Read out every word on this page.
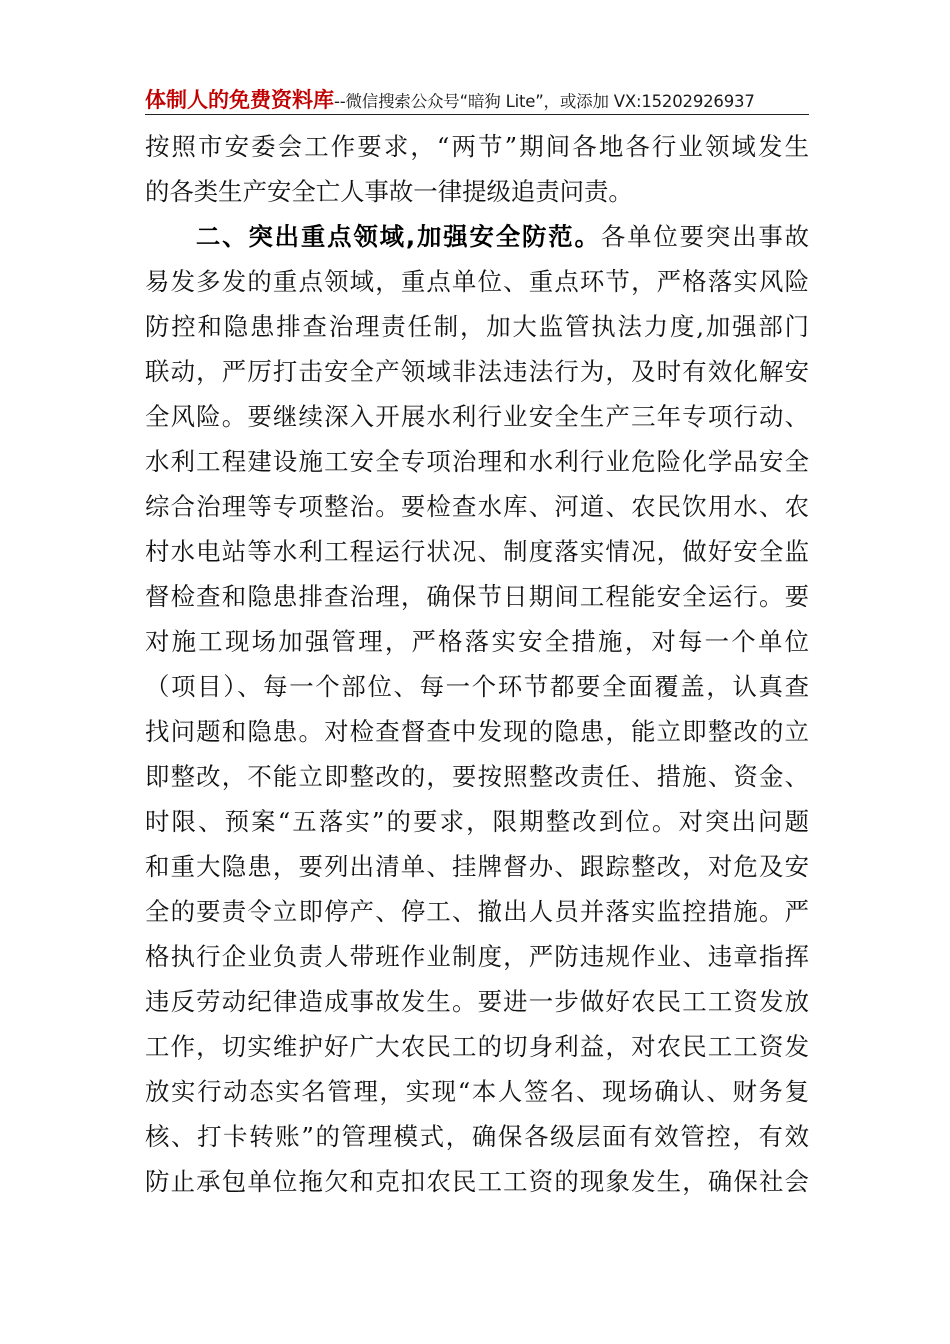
体制人的免费资料库--微信搜索公众号“暗狗 Lite”，或添加 VX:15202926937
按照市安委会工作要求，“两节”期间各地各行业领域发生
的各类生产安全亡人事故一律提级追责问责。
二、突出重点领域,加强安全防范。各单位要突出事故
易发多发的重点领域，重点单位、重点环节，严格落实风险
防控和隐患排查治理责任制，加大监管执法力度,加强部门
联动，严厉打击安全产领域非法违法行为，及时有效化解安
全风险。要继续深入开展水利行业安全生产三年专项行动、
水利工程建设施工安全专项治理和水利行业危险化学品安全
综合治理等专项整治。要检查水库、河道、农民饮用水、农
村水电站等水利工程运行状况、制度落实情况，做好安全监
督检查和隐患排查治理，确保节日期间工程能安全运行。要
对施工现场加强管理，严格落实安全措施，对每一个单位
（项目）、每一个部位、每一个环节都要全面覆盖，认真查
找问题和隐患。对检查督查中发现的隐患，能立即整改的立
即整改，不能立即整改的，要按照整改责任、措施、资金、
时限、预案“五落实”的要求，限期整改到位。对突出问题
和重大隐患，要列出清单、挂牌督办、跟踪整改，对危及安
全的要责令立即停产、停工、撤出人员并落实监控措施。严
格执行企业负责人带班作业制度，严防违规作业、违章指挥
违反劳动纪律造成事故发生。要进一步做好农民工工资发放
工作，切实维护好广大农民工的切身利益，对农民工工资发
放实行动态实名管理，实现“本人签名、现场确认、财务复
核、打卡转账”的管理模式，确保各级层面有效管控，有效
防止承包单位拖欠和克扣农民工工资的现象发生，确保社会
